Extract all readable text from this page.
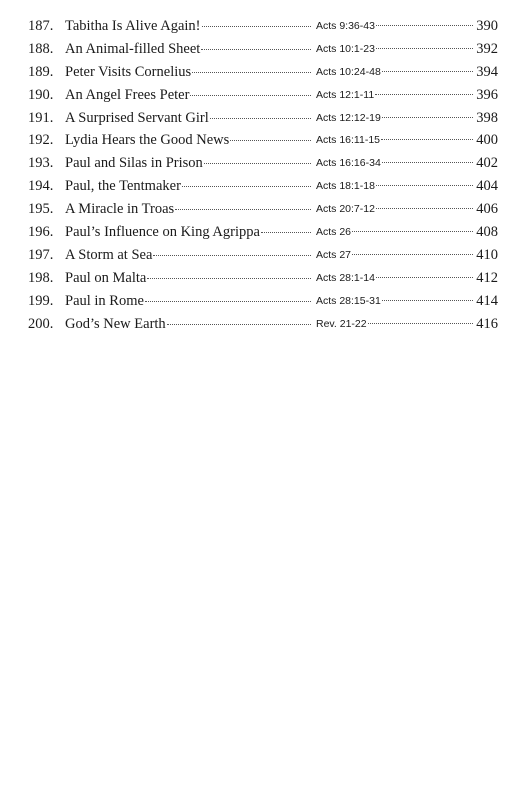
187. Tabitha Is Alive Again!	Acts 9:36-43	390
188. An Animal-filled Sheet	Acts 10:1-23	392
189. Peter Visits Cornelius	Acts 10:24-48	394
190. An Angel Frees Peter	Acts 12:1-11	396
191. A Surprised Servant Girl	Acts 12:12-19	398
192. Lydia Hears the Good News	Acts 16:11-15	400
193. Paul and Silas in Prison	Acts 16:16-34	402
194. Paul, the Tentmaker	Acts 18:1-18	404
195. A Miracle in Troas	Acts 20:7-12	406
196. Paul’s Influence on King Agrippa	Acts 26	408
197. A Storm at Sea	Acts 27	410
198. Paul on Malta	Acts 28:1-14	412
199. Paul in Rome	Acts 28:15-31	414
200. God’s New Earth	Rev. 21-22	416
